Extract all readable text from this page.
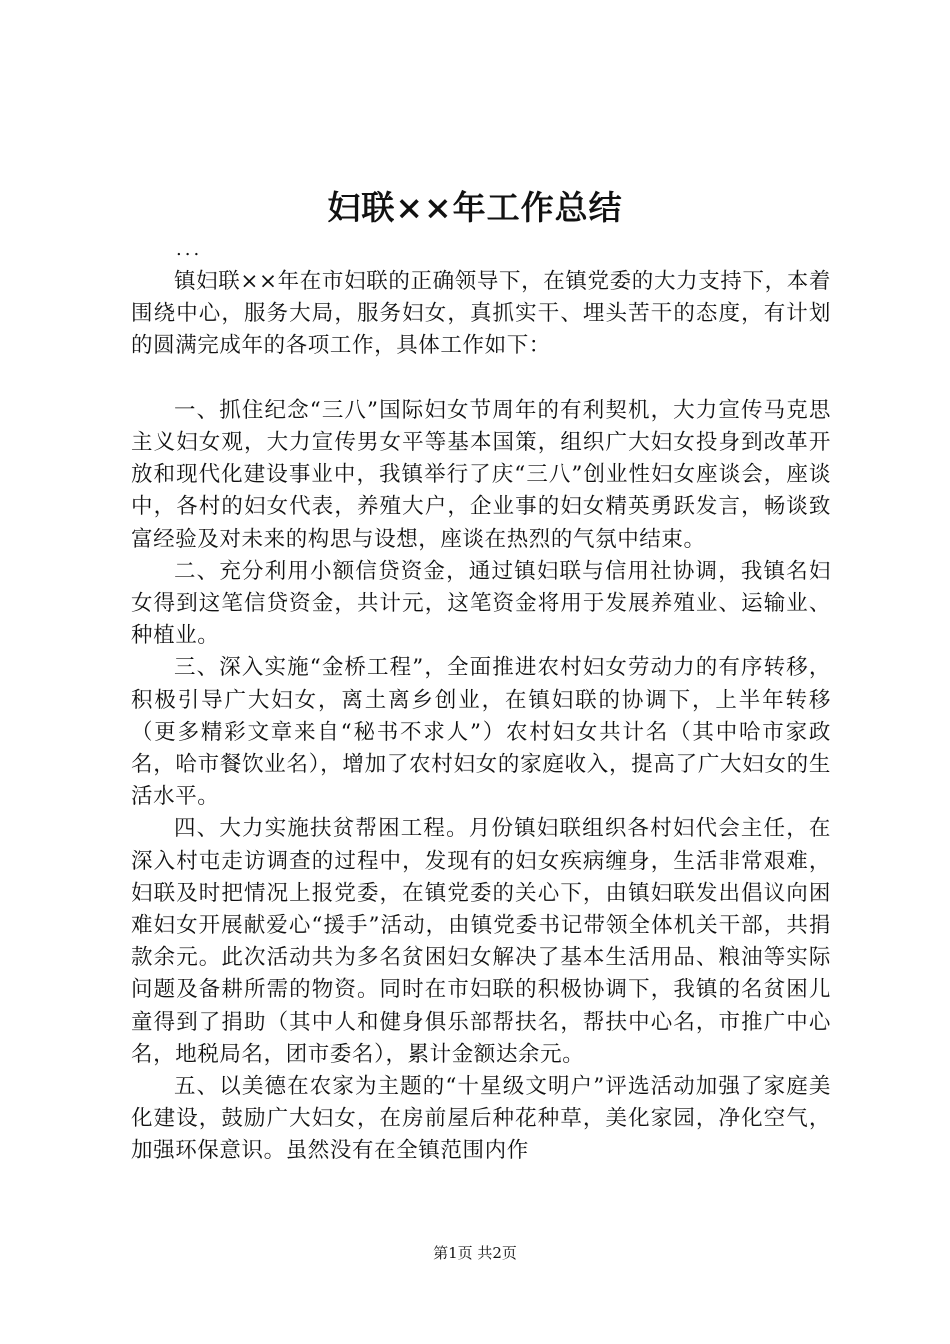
妇联××年工作总结
...

镇妇联××年在市妇联的正确领导下，在镇党委的大力支持下，本着围绕中心，服务大局，服务妇女，真抓实干、埋头苦干的态度，有计划的圆满完成年的各项工作，具体工作如下：

一、抓住纪念“三八”国际妇女节周年的有利契机，大力宣传马克思主义妇女观，大力宣传男女平等基本国策，组织广大妇女投身到改革开放和现代化建设事业中，我镇举行了庆“三八”创业性妇女座谈会，座谈中，各村的妇女代表，养殖大户，企业事的妇女精英勇跃发言，畅谈致富经验及对未来的构思与设想，座谈在热烈的气氛中结束。

二、充分利用小额信贷资金，通过镇妇联与信用社协调，我镇名妇女得到这笔信贷资金，共计元，这笔资金将用于发展养殖业、运输业、种植业。

三、深入实施“金桥工程”，全面推进农村妇女劳动力的有序转移，积极引导广大妇女，离土离乡创业，在镇妇联的协调下，上半年转移（更多精彩文章来自“秘书不求人”）农村妇女共计名（其中哈市家政名，哈市餐饮业名），增加了农村妇女的家庭收入，提高了广大妇女的生活水平。

四、大力实施扶贫帮困工程。月份镇妇联组织各村妇代会主任，在深入村屯走访调查的过程中，发现有的妇女疾病缠身，生活非常艰难，妇联及时把情况上报党委，在镇党委的关心下，由镇妇联发出倡议向困难妇女开展献爱心“援手”活动，由镇党委书记带领全体机关干部，共捐款余元。此次活动共为多名贫困妇女解决了基本生活用品、粮油等实际问题及备耕所需的物资。同时在市妇联的积极协调下，我镇的名贫困儿童得到了捐助（其中人和健身俱乐部帮扶名，帮扶中心名，市推广中心名，地税局名，团市委名），累计金额达余元。

五、以美德在农家为主题的“十星级文明户”评选活动加强了家庭美化建设，鼓励广大妇女，在房前屋后种花种草，美化家园，净化空气，加强环保意识。虽然没有在全镇范围内作

第1页 共2页
